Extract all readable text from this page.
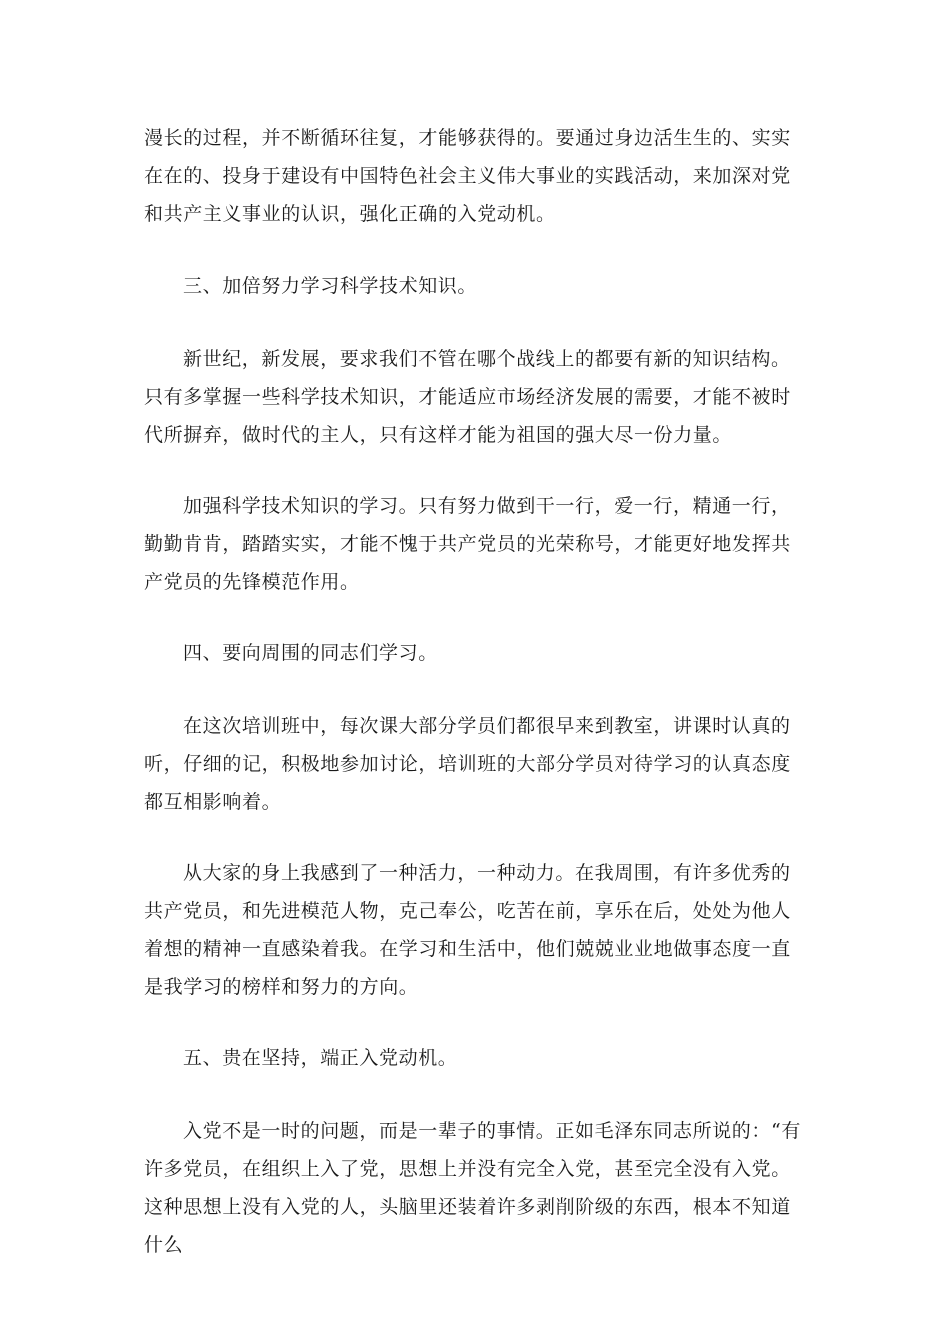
漫长的过程，并不断循环往复，才能够获得的。要通过身边活生生的、实实在在的、投身于建设有中国特色社会主义伟大事业的实践活动，来加深对党和共产主义事业的认识，强化正确的入党动机。

三、加倍努力学习科学技术知识。

新世纪，新发展，要求我们不管在哪个战线上的都要有新的知识结构。只有多掌握一些科学技术知识，才能适应市场经济发展的需要，才能不被时代所摒弃，做时代的主人，只有这样才能为祖国的强大尽一份力量。

加强科学技术知识的学习。只有努力做到干一行，爱一行，精通一行，勤勤肯肯，踏踏实实，才能不愧于共产党员的光荣称号，才能更好地发挥共产党员的先锋模范作用。

四、要向周围的同志们学习。

在这次培训班中，每次课大部分学员们都很早来到教室，讲课时认真的听，仔细的记，积极地参加讨论，培训班的大部分学员对待学习的认真态度都互相影响着。

从大家的身上我感到了一种活力，一种动力。在我周围，有许多优秀的共产党员，和先进模范人物，克己奉公，吃苦在前，享乐在后，处处为他人着想的精神一直感染着我。在学习和生活中，他们兢兢业业地做事态度一直是我学习的榜样和努力的方向。

五、贵在坚持，端正入党动机。

入党不是一时的问题，而是一辈子的事情。正如毛泽东同志所说的：“有许多党员，在组织上入了党，思想上并没有完全入党，甚至完全没有入党。这种思想上没有入党的人，头脑里还装着许多剥削阶级的东西，根本不知道什么
